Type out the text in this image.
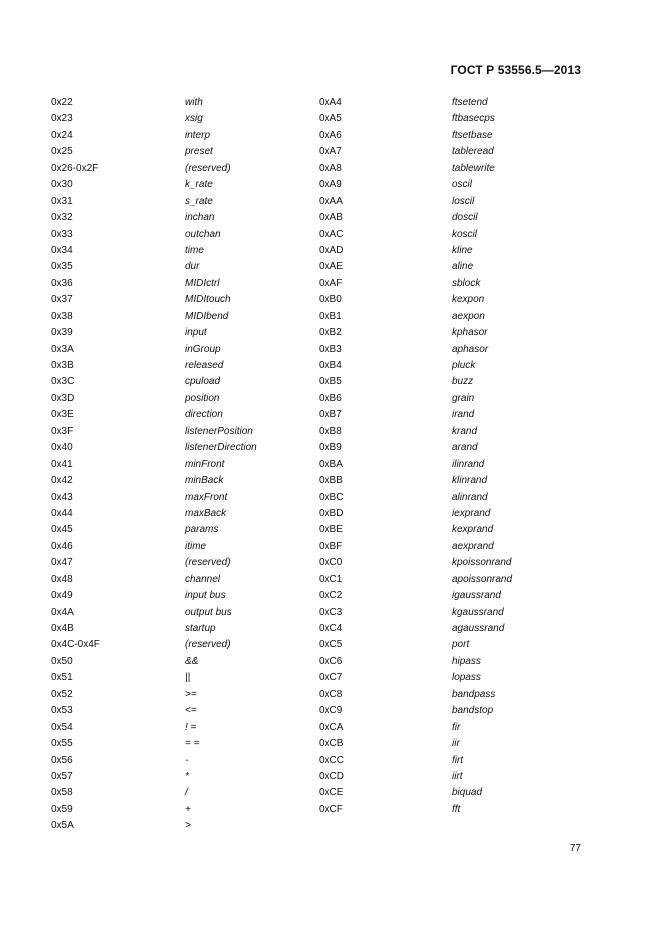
ГОСТ Р 53556.5—2013
0x22
0x23
0x24
0x25
0x26-0x2F
0x30
0x31
0x32
0x33
0x34
0x35
0x36
0x37
0x38
0x39
0x3A
0x3B
0x3C
0x3D
0x3E
0x3F
0x40
0x41
0x42
0x43
0x44
0x45
0x46
0x47
0x48
0x49
0x4A
0x4B
0x4C-0x4F
0x50
0x51
0x52
0x53
0x54
0x55
0x56
0x57
0x58
0x59
0x5A
with
xsig
interp
preset
(reserved)
k_rate
s_rate
inchan
outchan
time
dur
MIDIctrl
MIDItouch
MIDIbend
input
inGroup
released
cpuload
position
direction
listenerPosition
listenerDirection
minFront
minBack
maxFront
maxBack
params
itime
(reserved)
channel
input bus
output bus
startup
(reserved)
&&
||
>=
<=
! =
= =
-
*
/
+
>
0xA4
0xA5
0xA6
0xA7
0xA8
0xA9
0xAA
0xAB
0xAC
0xAD
0xAE
0xAF
0xB0
0xB1
0xB2
0xB3
0xB4
0xB5
0xB6
0xB7
0xB8
0xB9
0xBA
0xBB
0xBC
0xBD
0xBE
0xBF
0xC0
0xC1
0xC2
0xC3
0xC4
0xC5
0xC6
0xC7
0xC8
0xC9
0xCA
0xCB
0xCC
0xCD
0xCE
0xCF
ftsetend
ftbasecps
ftsetbase
tableread
tablewrite
oscil
loscil
doscil
koscil
kline
aline
sblock
kexpon
aexpon
kphasor
aphasor
pluck
buzz
grain
irand
krand
arand
ilinrand
klinrand
alinrand
iexprand
kexprand
aexprand
kpoissonrand
apoissonrand
igaussrand
kgaussrand
agaussrand
port
hipass
lopass
bandpass
bandstop
fir
iir
firt
iirt
biquad
fft
77
